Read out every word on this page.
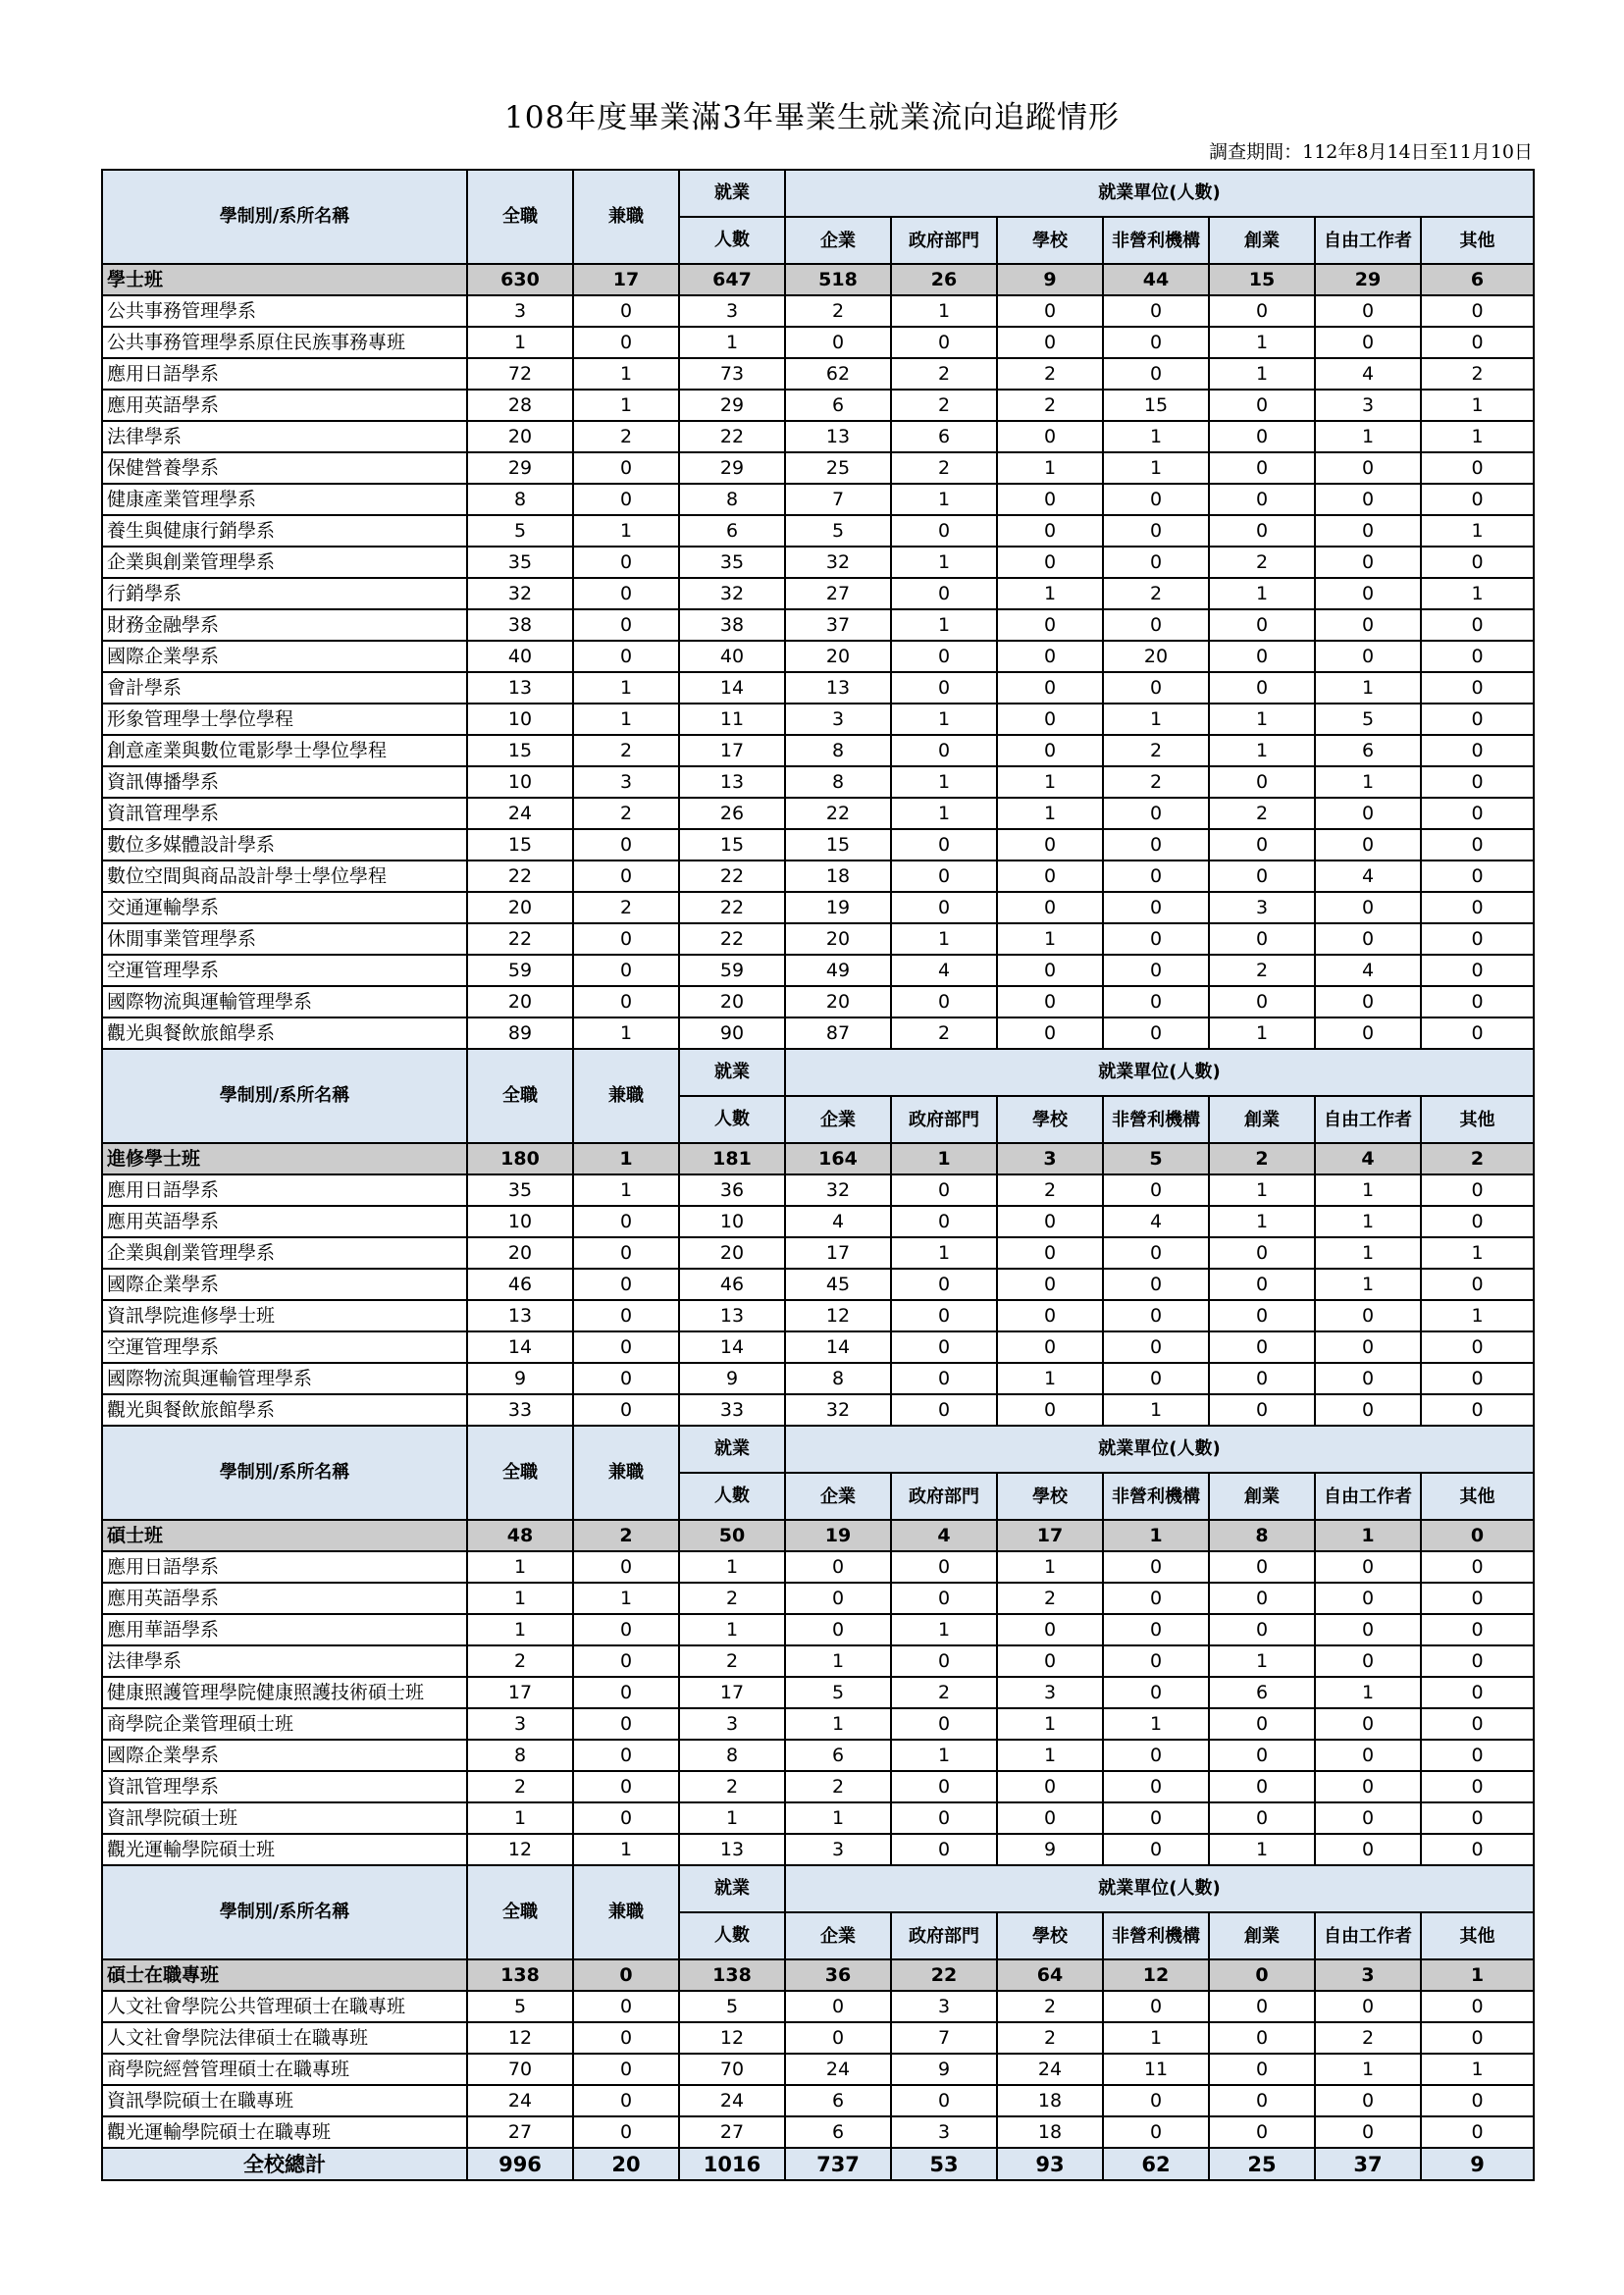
108年度畢業滿3年畢業生就業流向追蹤情形
調查期間：112年8月14日至11月10日
學制別/系所名稱	全職	兼職	就業	就業單位(人數)						
			人數	企業	政府部門	學校	非營利機構	創業	自由工作者	其他
學士班	630	17	647	518	26	9	44	15	29	6
公共事務管理學系	3	0	3	2	1	0	0	0	0	0
公共事務管理學系原住民族事務專班	1	0	1	0	0	0	0	1	0	0
應用日語學系	72	1	73	62	2	2	0	1	4	2
應用英語學系	28	1	29	6	2	2	15	0	3	1
法律學系	20	2	22	13	6	0	1	0	1	1
保健營養學系	29	0	29	25	2	1	1	0	0	0
健康產業管理學系	8	0	8	7	1	0	0	0	0	0
養生與健康行銷學系	5	1	6	5	0	0	0	0	0	1
企業與創業管理學系	35	0	35	32	1	0	0	2	0	0
行銷學系	32	0	32	27	0	1	2	1	0	1
財務金融學系	38	0	38	37	1	0	0	0	0	0
國際企業學系	40	0	40	20	0	0	20	0	0	0
會計學系	13	1	14	13	0	0	0	0	1	0
形象管理學士學位學程	10	1	11	3	1	0	1	1	5	0
創意產業與數位電影學士學位學程	15	2	17	8	0	0	2	1	6	0
資訊傳播學系	10	3	13	8	1	1	2	0	1	0
資訊管理學系	24	2	26	22	1	1	0	2	0	0
數位多媒體設計學系	15	0	15	15	0	0	0	0	0	0
數位空間與商品設計學士學位學程	22	0	22	18	0	0	0	0	4	0
交通運輸學系	20	2	22	19	0	0	0	3	0	0
休閒事業管理學系	22	0	22	20	1	1	0	0	0	0
空運管理學系	59	0	59	49	4	0	0	2	4	0
國際物流與運輸管理學系	20	0	20	20	0	0	0	0	0	0
觀光與餐飲旅館學系	89	1	90	87	2	0	0	1	0	0
學制別/系所名稱	全職	兼職	就業	就業單位(人數)						
			人數	企業	政府部門	學校	非營利機構	創業	自由工作者	其他
進修學士班	180	1	181	164	1	3	5	2	4	2
應用日語學系	35	1	36	32	0	2	0	1	1	0
應用英語學系	10	0	10	4	0	0	4	1	1	0
企業與創業管理學系	20	0	20	17	1	0	0	0	1	1
國際企業學系	46	0	46	45	0	0	0	0	1	0
資訊學院進修學士班	13	0	13	12	0	0	0	0	0	1
空運管理學系	14	0	14	14	0	0	0	0	0	0
國際物流與運輸管理學系	9	0	9	8	0	1	0	0	0	0
觀光與餐飲旅館學系	33	0	33	32	0	0	1	0	0	0
學制別/系所名稱	全職	兼職	就業	就業單位(人數)						
			人數	企業	政府部門	學校	非營利機構	創業	自由工作者	其他
碩士班	48	2	50	19	4	17	1	8	1	0
應用日語學系	1	0	1	0	0	1	0	0	0	0
應用英語學系	1	1	2	0	0	2	0	0	0	0
應用華語學系	1	0	1	0	1	0	0	0	0	0
法律學系	2	0	2	1	0	0	0	1	0	0
健康照護管理學院健康照護技術碩士班	17	0	17	5	2	3	0	6	1	0
商學院企業管理碩士班	3	0	3	1	0	1	1	0	0	0
國際企業學系	8	0	8	6	1	1	0	0	0	0
資訊管理學系	2	0	2	2	0	0	0	0	0	0
資訊學院碩士班	1	0	1	1	0	0	0	0	0	0
觀光運輸學院碩士班	12	1	13	3	0	9	0	1	0	0
學制別/系所名稱	全職	兼職	就業	就業單位(人數)						
			人數	企業	政府部門	學校	非營利機構	創業	自由工作者	其他
碩士在職專班	138	0	138	36	22	64	12	0	3	1
人文社會學院公共管理碩士在職專班	5	0	5	0	3	2	0	0	0	0
人文社會學院法律碩士在職專班	12	0	12	0	7	2	1	0	2	0
商學院經營管理碩士在職專班	70	0	70	24	9	24	11	0	1	1
資訊學院碩士在職專班	24	0	24	6	0	18	0	0	0	0
觀光運輸學院碩士在職專班	27	0	27	6	3	18	0	0	0	0
全校總計	996	20	1016	737	53	93	62	25	37	9
